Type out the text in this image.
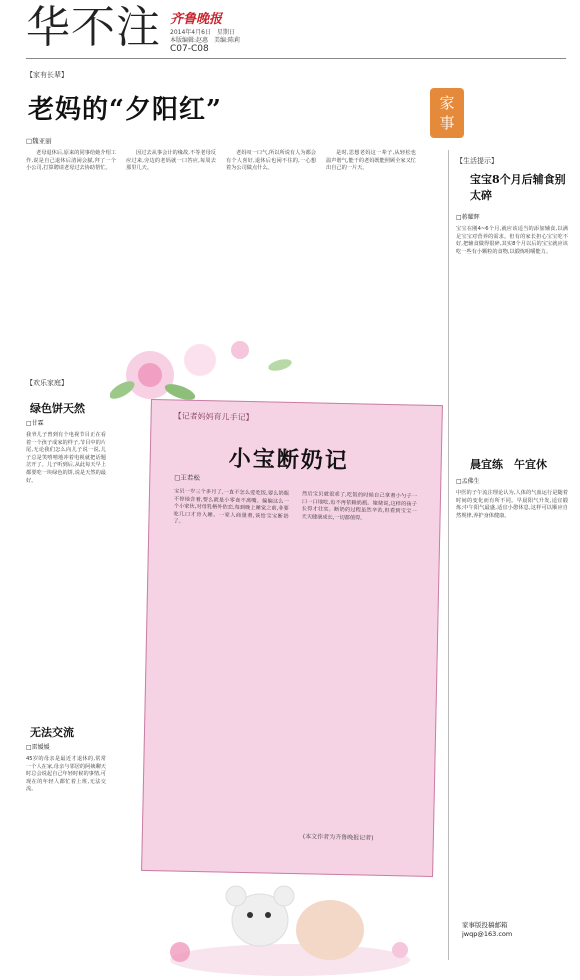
华不注 齐鲁晚报
2014年4月6日　星期日
本版编辑:赵惠　美编:陈莉
C07-C08
【家有长辈】
老妈的“夕阳红”
□魏亚丽
家事

老母退休后,原来的同事给她介绍工作,说是自己退休后清闲会腻,拜了一个小公司,打算聘请老母过去协助帮忙。

因过去从事会计的缘故,不等老母反应过来,旁边的老妈就一口答应,每周去那里几天。

老妈叹一口气,所以所说有人为都会有个人喜好,退休后也闲不住的,一心想着为公司做点什么。

是时,思想老妈这一辈子,从轻松也温声谐气,能干的老妈既能照顾全家又忙出自己的一片天。

【生活提示】
宝宝8个月后辅食别太碎
□蒋耀辉
宝宝在刚4~6个月,就应该适当的添加辅食,以满足宝宝对营养的需求。但有的家长担心宝宝吃不好,把辅食做得很碎,其实8个月以后的宝宝就应该吃一些有小颗粒的食物,以锻炼咀嚼能力。
晨宜练　午宜休
□孟佛生
中医的子午流注理论认为,人体的气血运行是随着时间的变化而有所不同。早晨阳气升发,适宜锻炼;中午阳气最盛,适宜小憩休息,这样可以顺应自然规律,养护身体健康。
家事版投稿邮箱
jwqp@163.com
【欢乐家庭】
绿色饼天然
□甘霖
我爷儿子曾到有个电视节目正在看着一个孩子成家的样子,节目中的片尾,无论我们怎么向儿子说一说,儿子总是笑嘻嘻地冲着电视就把话题岔开了。儿子听到后,从此每天早上都要吃一块绿色的饼,说是天然的最好。
无法交流
□雷媛媛
45岁的母亲是最近才退休的,常常一个人在家,母亲与邻居的阿姨聊天时总会说起自己年轻时候的事情,可现在的年轻人都忙着上班,无法交流。
【记者妈妈育儿手记】
小宝断奶记
□王若松
宝贝一岁三个多月了,一直不怎么爱吃饭,要么奶瓶不停地含着,要么就是小零食不离嘴。偏偏这么一个小家伙,对母乳格外依恋,每到晚上睡觉之前,非要吃几口才肯入睡。一家人商量着,该给宝宝断奶了。
然后宝贝就很乖了,吃饭的时候自己拿着小勺子一口一口地吃,也不再依赖奶瓶。姥姥说,这样的孩子长得才壮实。断奶的过程虽然辛苦,但看到宝宝一天天健康成长,一切都值得。
(本文作者为齐鲁晚报记者)
